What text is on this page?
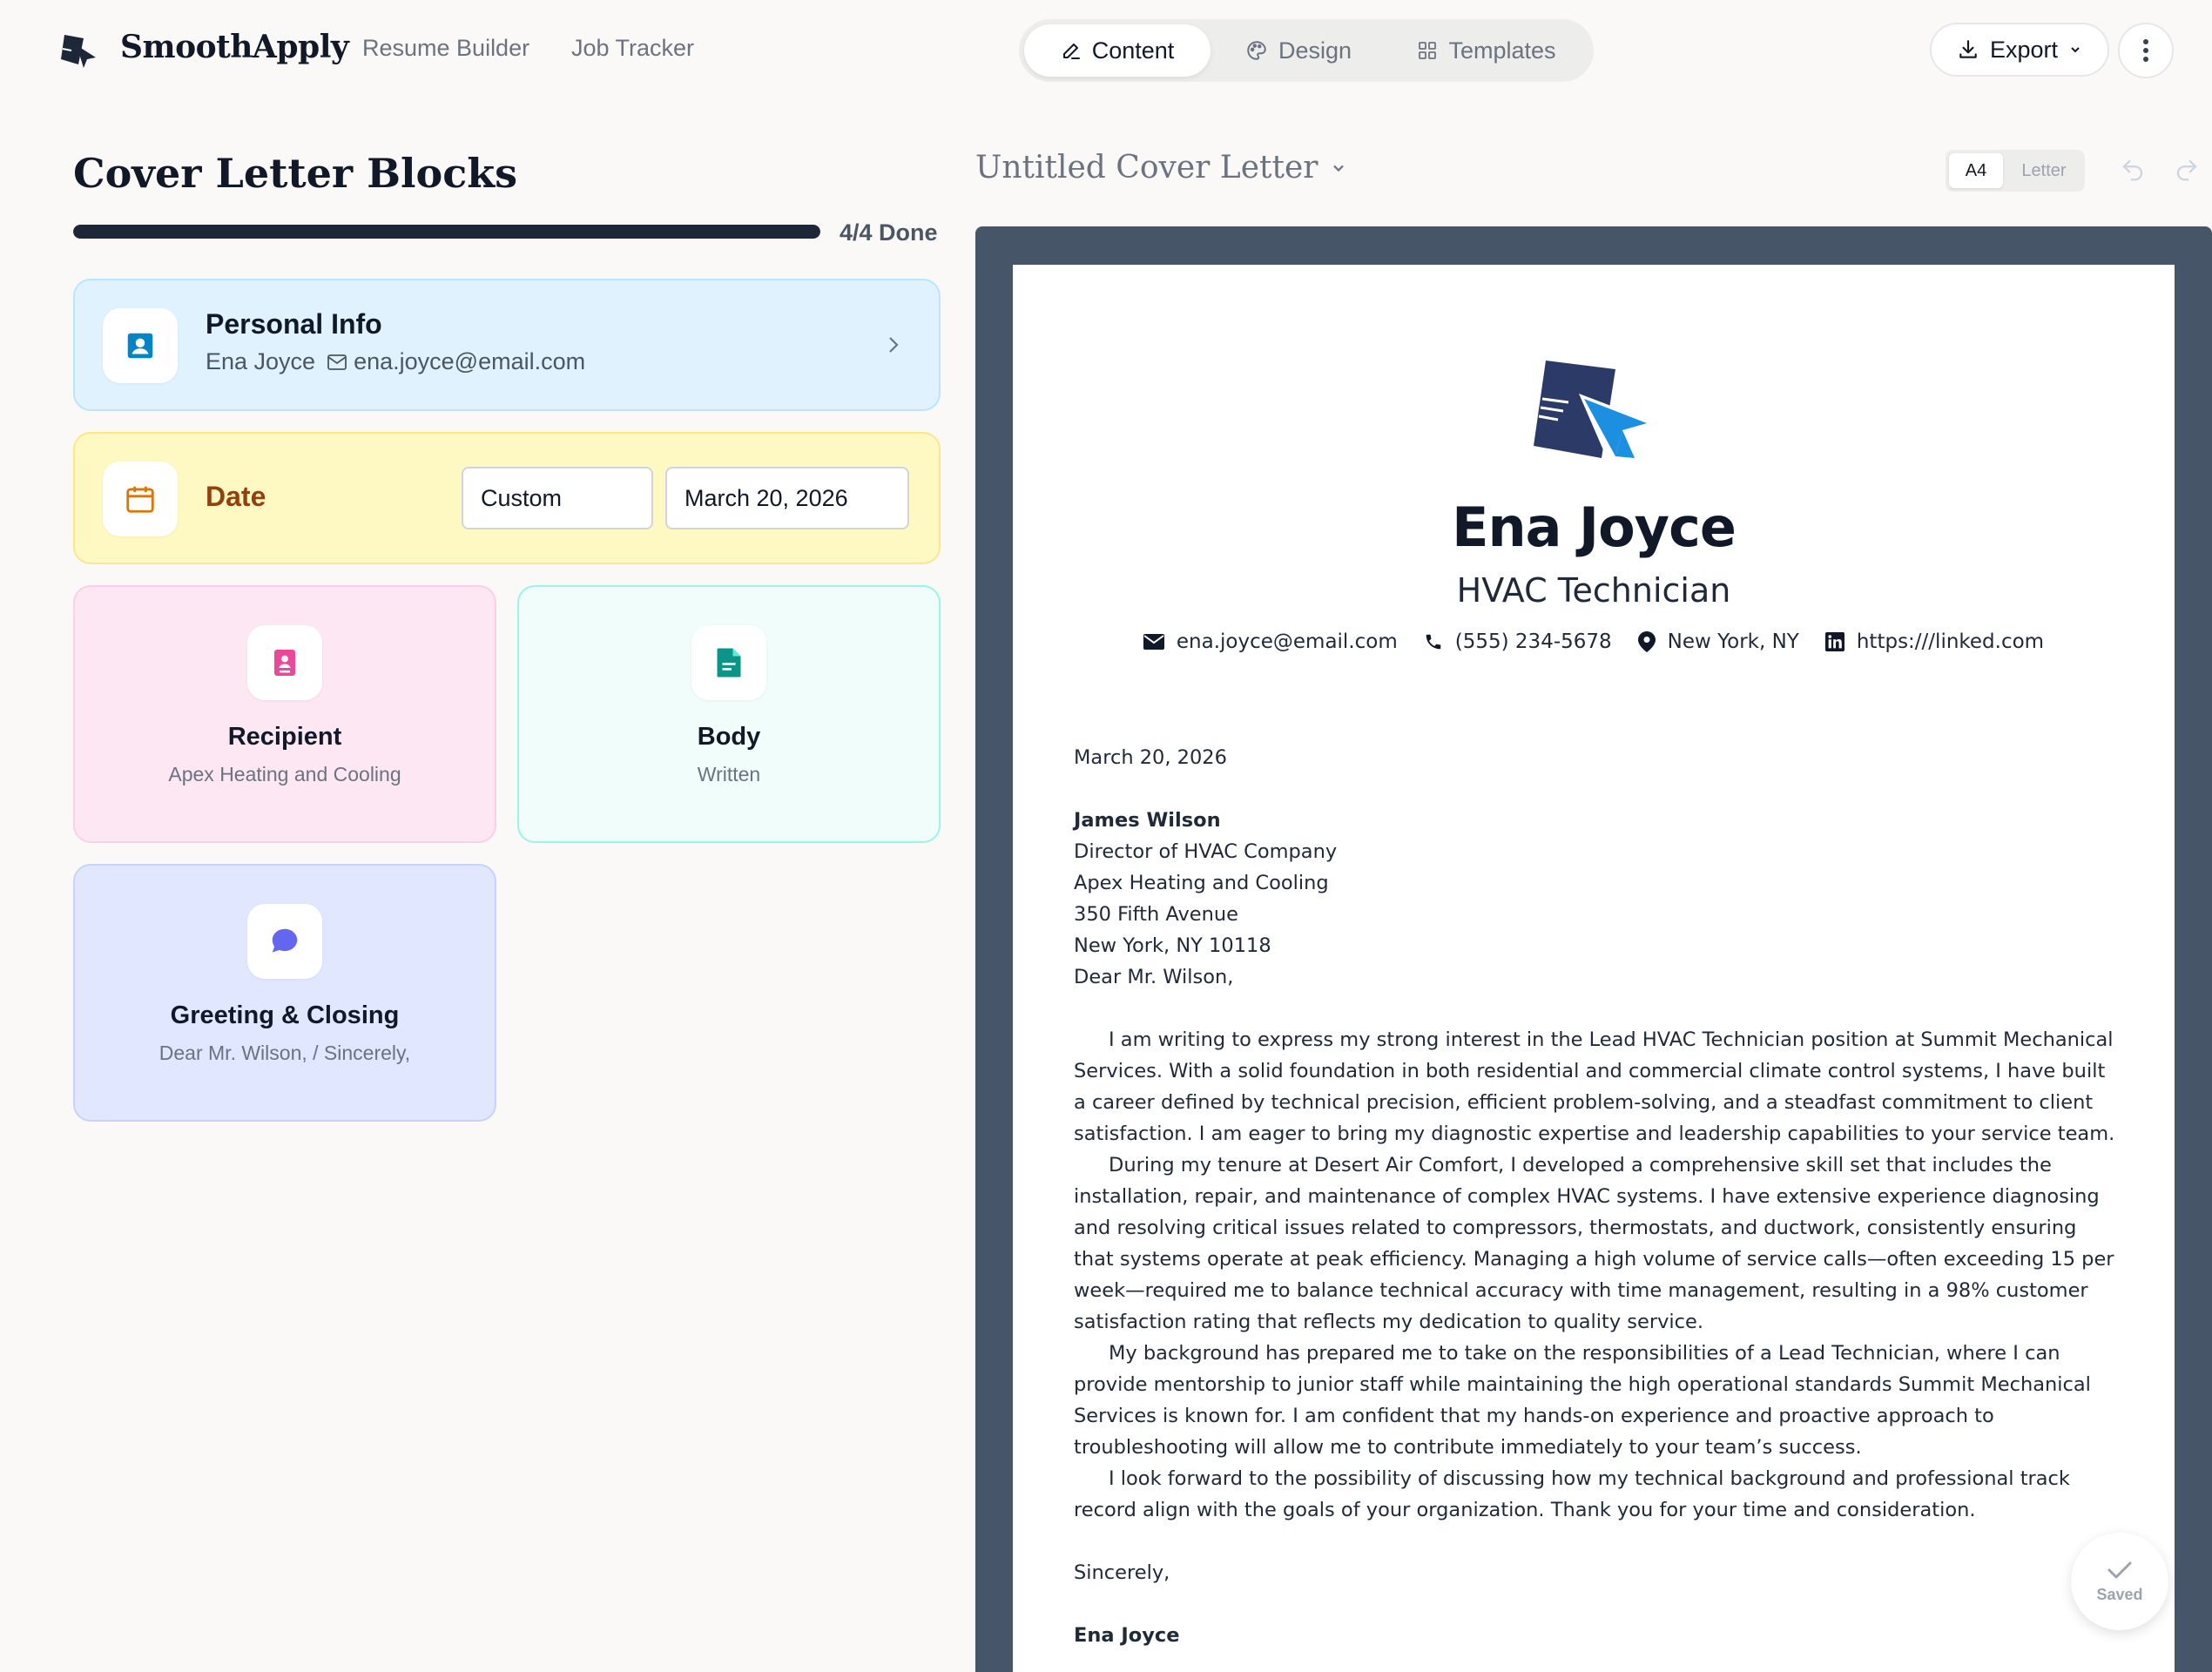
SmoothApply Resume Builder Job Tracker	Content	Design	Templates	Export
Cover Letter Blocks
4/4 Done
Personal Info
Ena Joyce ena.joyce@email.com
Date	Custom	March 20, 2026
Recipient
Apex Heating and Cooling
Body
Written
Greeting & Closing
Dear Mr. Wilson, / Sincerely,
Untitled Cover Letter	A4	Letter
Ena Joyce
HVAC Technician
ena.joyce@email.com	(555) 234-5678	New York, NY	https:///linked.com

March 20, 2026

James Wilson

Director of HVAC Company

Apex Heating and Cooling

350 Fifth Avenue

New York, NY 10118

Dear Mr. Wilson,

I am writing to express my strong interest in the Lead HVAC Technician position at Summit Mechanical Services. With a solid foundation in both residential and commercial climate control systems, I have built a career defined by technical precision, efficient problem-solving, and a steadfast commitment to client satisfaction. I am eager to bring my diagnostic expertise and leadership capabilities to your service team.

During my tenure at Desert Air Comfort, I developed a comprehensive skill set that includes the installation, repair, and maintenance of complex HVAC systems. I have extensive experience diagnosing and resolving critical issues related to compressors, thermostats, and ductwork, consistently ensuring that systems operate at peak efficiency. Managing a high volume of service calls—often exceeding 15 per week—required me to balance technical accuracy with time management, resulting in a 98% customer satisfaction rating that reflects my dedication to quality service.

My background has prepared me to take on the responsibilities of a Lead Technician, where I can provide mentorship to junior staff while maintaining the high operational standards Summit Mechanical Services is known for. I am confident that my hands-on experience and proactive approach to troubleshooting will allow me to contribute immediately to your team’s success.

I look forward to the possibility of discussing how my technical background and professional track record align with the goals of your organization. Thank you for your time and consideration.

Sincerely,

Ena Joyce

Saved
